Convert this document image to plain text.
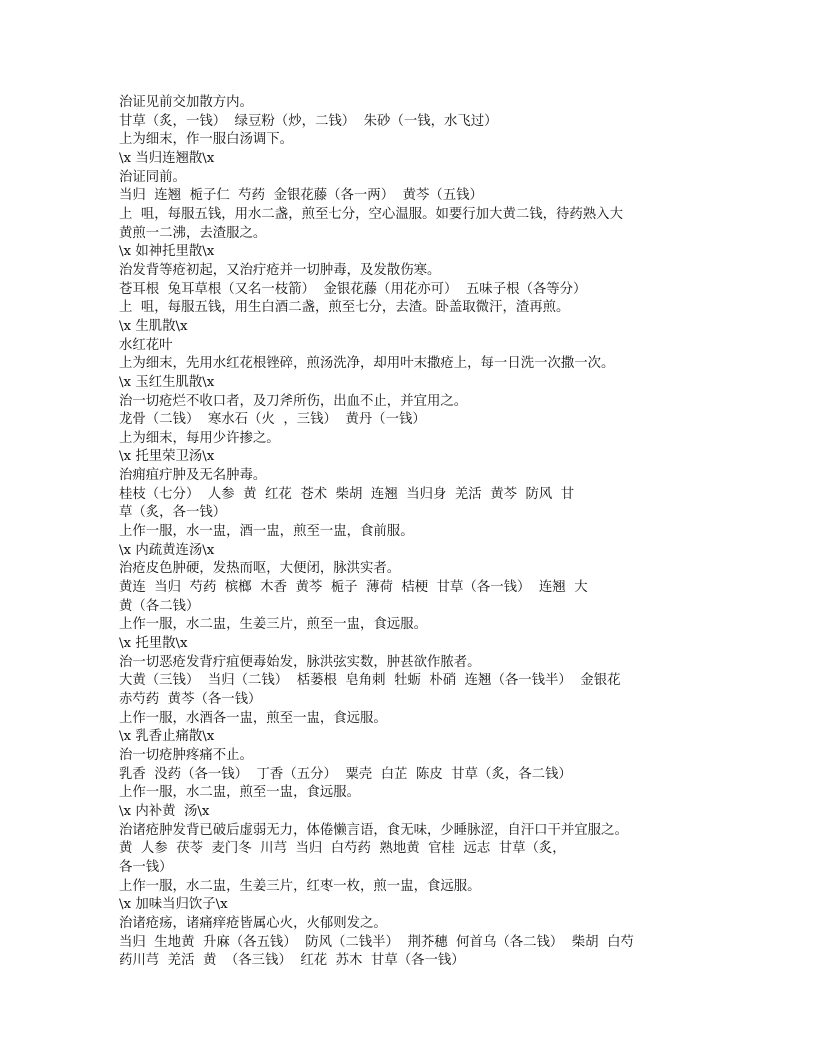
治证见前交加散方内。
甘草（炙，一钱）  绿豆粉（炒，二钱）  朱砂（一钱，水飞过）
上为细末，作一服白汤调下。
\x 当归连翘散\x
治证同前。
当归  连翘  栀子仁  芍药  金银花藤（各一两）  黄芩（五钱）
上  咀，每服五钱，用水二盏，煎至七分，空心温服。如要行加大黄二钱，待药熟入大
黄煎一二沸，去渣服之。
\x 如神托里散\x
治发背等疮初起，又治疔疮并一切肿毒，及发散伤寒。
苍耳根  兔耳草根（又名一枝箭）  金银花藤（用花亦可）  五味子根（各等分）
上  咀，每服五钱，用生白酒二盏，煎至七分，去渣。卧盖取微汗，渣再煎。
\x 生肌散\x
水红花叶
上为细末，先用水红花根锉碎，煎汤洗净，却用叶末撒疮上，每一日洗一次撒一次。
\x 玉红生肌散\x
治一切疮烂不收口者，及刀斧所伤，出血不止，并宜用之。
龙骨（二钱）  寒水石（火  ，三钱）  黄丹（一钱）
上为细末，每用少许掺之。
\x 托里荣卫汤\x
治痈疽疔肿及无名肿毒。
桂枝（七分）  人参  黄  红花  苍术  柴胡  连翘  当归身  羌活  黄芩  防风  甘
草（炙，各一钱）
上作一服，水一盅，酒一盅，煎至一盅，食前服。
\x 内疏黄连汤\x
治疮皮色肿硬，发热而呕，大便闭，脉洪实者。
黄连  当归  芍药  槟榔  木香  黄芩  栀子  薄荷  桔梗  甘草（各一钱）  连翘  大
黄（各二钱）
上作一服，水二盅，生姜三片，煎至一盅，食远服。
\x 托里散\x
治一切恶疮发背疔疽便毒始发，脉洪弦实数，肿甚欲作脓者。
大黄（三钱）  当归（二钱）  栝蒌根  皂角刺  牡蛎  朴硝  连翘（各一钱半）  金银花
赤芍药  黄芩（各一钱）
上作一服，水酒各一盅，煎至一盅，食远服。
\x 乳香止痛散\x
治一切疮肿疼痛不止。
乳香  没药（各一钱）  丁香（五分）  粟壳  白芷  陈皮  甘草（炙，各二钱）
上作一服，水二盅，煎至一盅，食远服。
\x 内补黄  汤\x
治诸疮肿发背已破后虚弱无力，体倦懒言语，食无味，少睡脉涩，自汗口干并宜服之。
黄  人参  茯苓  麦门冬  川芎  当归  白芍药  熟地黄  官桂  远志  甘草（炙，
各一钱）
上作一服，水二盅，生姜三片，红枣一枚，煎一盅，食远服。
\x 加味当归饮子\x
治诸疮疡，诸痛痒疮皆属心火，火郁则发之。
当归  生地黄  升麻（各五钱）  防风（二钱半）  荆芥穗  何首乌（各二钱）  柴胡  白芍
药川芎  羌活  黄  （各三钱）  红花  苏木  甘草（各一钱）
